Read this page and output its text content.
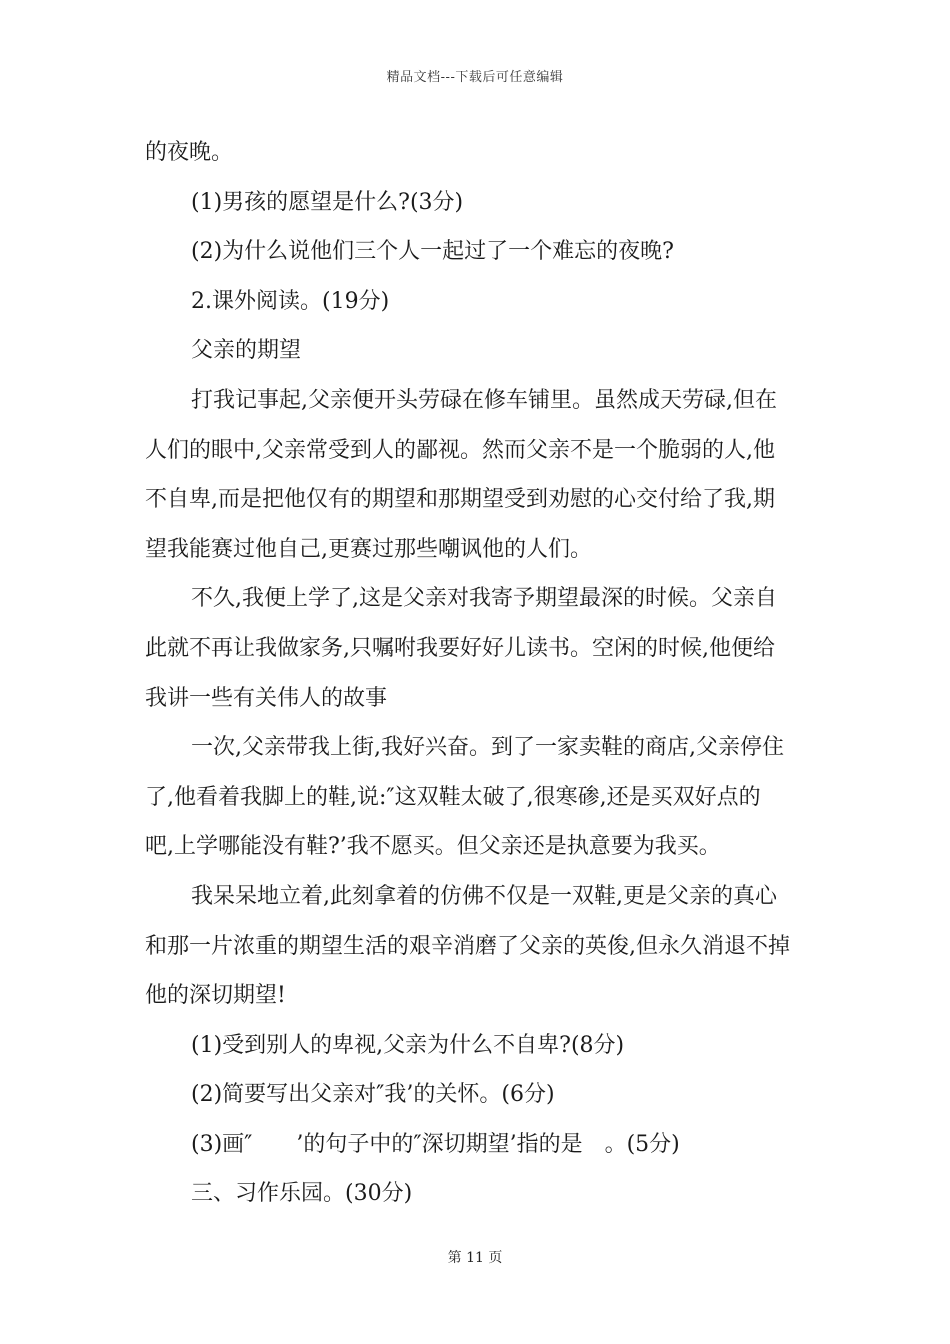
精品文档---下载后可任意编辑
的夜晚。
(1)男孩的愿望是什么?(3分)
(2)为什么说他们三个人一起过了一个难忘的夜晚?
2.课外阅读。(19分)
父亲的期望
打我记事起,父亲便开头劳碌在修车铺里。虽然成天劳碌,但在
人们的眼中,父亲常受到人的鄙视。然而父亲不是一个脆弱的人,他
不自卑,而是把他仅有的期望和那期望受到劝慰的心交付给了我,期
望我能赛过他自己,更赛过那些嘲讽他的人们。
不久,我便上学了,这是父亲对我寄予期望最深的时候。父亲自
此就不再让我做家务,只嘱咐我要好好儿读书。空闲的时候,他便给
我讲一些有关伟人的故事
一次,父亲带我上街,我好兴奋。到了一家卖鞋的商店,父亲停住
了,他看着我脚上的鞋,说:″这双鞋太破了,很寒碜,还是买双好点的
吧,上学哪能没有鞋?’我不愿买。但父亲还是执意要为我买。
我呆呆地立着,此刻拿着的仿佛不仅是一双鞋,更是父亲的真心
和那一片浓重的期望生活的艰辛消磨了父亲的英俊,但永久消退不掉
他的深切期望!
(1)受到别人的卑视,父亲为什么不自卑?(8分)
(2)简要写出父亲对″我’的关怀。(6分)
(3)画″　　’的句子中的″深切期望’指的是　。(5分)
三、习作乐园。(30分)
第 11 页
